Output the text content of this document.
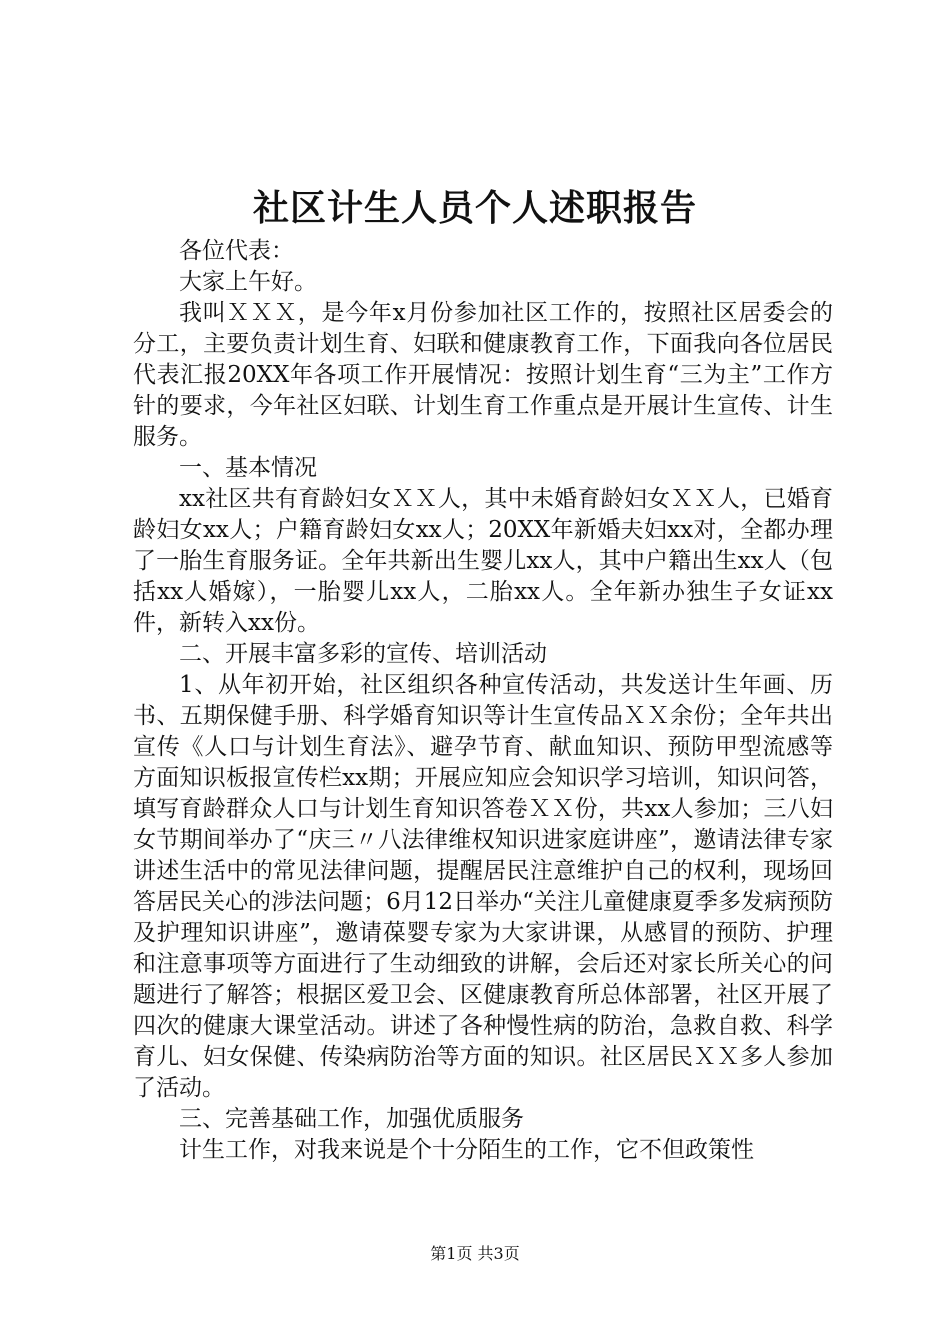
社区计生人员个人述职报告

各位代表：

大家上午好。

我叫ＸＸＸ，是今年x月份参加社区工作的，按照社区居委会的分工，主要负责计划生育、妇联和健康教育工作，下面我向各位居民代表汇报20XX年各项工作开展情况：按照计划生育“三为主”工作方针的要求，今年社区妇联、计划生育工作重点是开展计生宣传、计生服务。

一、基本情况

xx社区共有育龄妇女ＸＸ人，其中未婚育龄妇女ＸＸ人，已婚育龄妇女xx人；户籍育龄妇女xx人；20XX年新婚夫妇xx对，全都办理了一胎生育服务证。全年共新出生婴儿xx人，其中户籍出生xx人（包括xx人婚嫁），一胎婴儿xx人，二胎xx人。全年新办独生子女证xx件，新转入xx份。

二、开展丰富多彩的宣传、培训活动

1、从年初开始，社区组织各种宣传活动，共发送计生年画、历书、五期保健手册、科学婚育知识等计生宣传品ＸＸ余份；全年共出宣传《人口与计划生育法》、避孕节育、献血知识、预防甲型流感等方面知识板报宣传栏xx期；开展应知应会知识学习培训，知识问答，填写育龄群众人口与计划生育知识答卷ＸＸ份，共xx人参加；三八妇女节期间举办了“庆三〃八法律维权知识进家庭讲座”，邀请法律专家讲述生活中的常见法律问题，提醒居民注意维护自己的权利，现场回答居民关心的涉法问题；6月12日举办“关注儿童健康夏季多发病预防及护理知识讲座”，邀请葆婴专家为大家讲课，从感冒的预防、护理和注意事项等方面进行了生动细致的讲解，会后还对家长所关心的问题进行了解答；根据区爱卫会、区健康教育所总体部署，社区开展了四次的健康大课堂活动。讲述了各种慢性病的防治，急救自救、科学育儿、妇女保健、传染病防治等方面的知识。社区居民ＸＸ多人参加了活动。

三、完善基础工作，加强优质服务

计生工作，对我来说是个十分陌生的工作，它不但政策性

第1页 共3页
